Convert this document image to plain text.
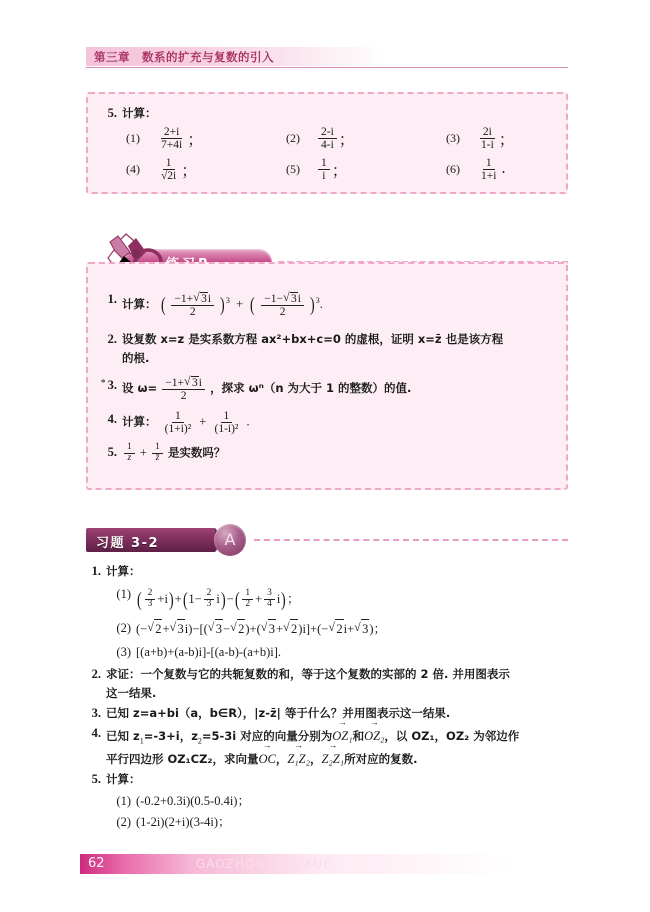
第三章　数系的扩充与复数的引入
5. 计算：
(1)	$\frac{2+i}{7+4i}$ ；	(2)	$\frac{2-i}{4-i}$ ；	(3)	$\frac{2i}{1-i}$ ；
(4)	$\frac{1}{√2i}$ ；	(5)	$\frac{1}{i}$ ；	(6)	$\frac{1}{1+i}$ .
1. 计算： ( $\frac{-1+ √ 3i}{2} )^3$  +  ( $\frac{-1- √ 3i}{2} )^3$.
2. 设复数 x=z 是实系数方程 ax²+bx+c=0 的虚根，证明 x=z̄ 也是该方程
的根.
* 3. 设 $\omega= \frac{-1+ √ 3i}{2}$ ，探求 ωⁿ（n 为大于 1 的整数）的值.
4. 计算： $\frac{1}{\text{(1+i)²}} + \frac{1}{\text{(1-i)²}}$ .
5. $\frac{1}{z} + \frac{1}{z̄}$ 是实数吗？
习题 3-2	A
1. 计算：
(1) ( $\frac{2}{3} +i)+(1- \frac{2}{3} i)-( \frac{1}{2} + \frac{3}{4} i)$；
(2) (− √ 2+ √ 3i)−[( √ 3− √ 2)+( √ 3+ √ 2)i]+(− √ 2i+ √ 3)；
(3) [(a+b)+(a-b)i]-[(a-b)-(a+b)i].
2. 求证：一个复数与它的共轭复数的和，等于这个复数的实部的 2 倍. 并用图表示
这一结果.
3. 已知 z=a+bi（a，b∈R），|z-z̄| 等于什么？并用图表示这一结果.
4. 已知 $z_1=-3+i$，$z_2=5-3i$ 对应的向量分别为→ OZ₁和→ OZ₂，以 OZ₁，OZ₂ 为邻边作
平行四边形 OZ₁CZ₂，求向量→ OC，→ Z₁Z₂，→ Z₂Z₁所对应的复数.
5. 计算：
(1) (-0.2+0.3i)(0.5-0.4i)；
(2) (1-2i)(2+i)(3-4i)；
62	GAOZHONGSHUXUE
